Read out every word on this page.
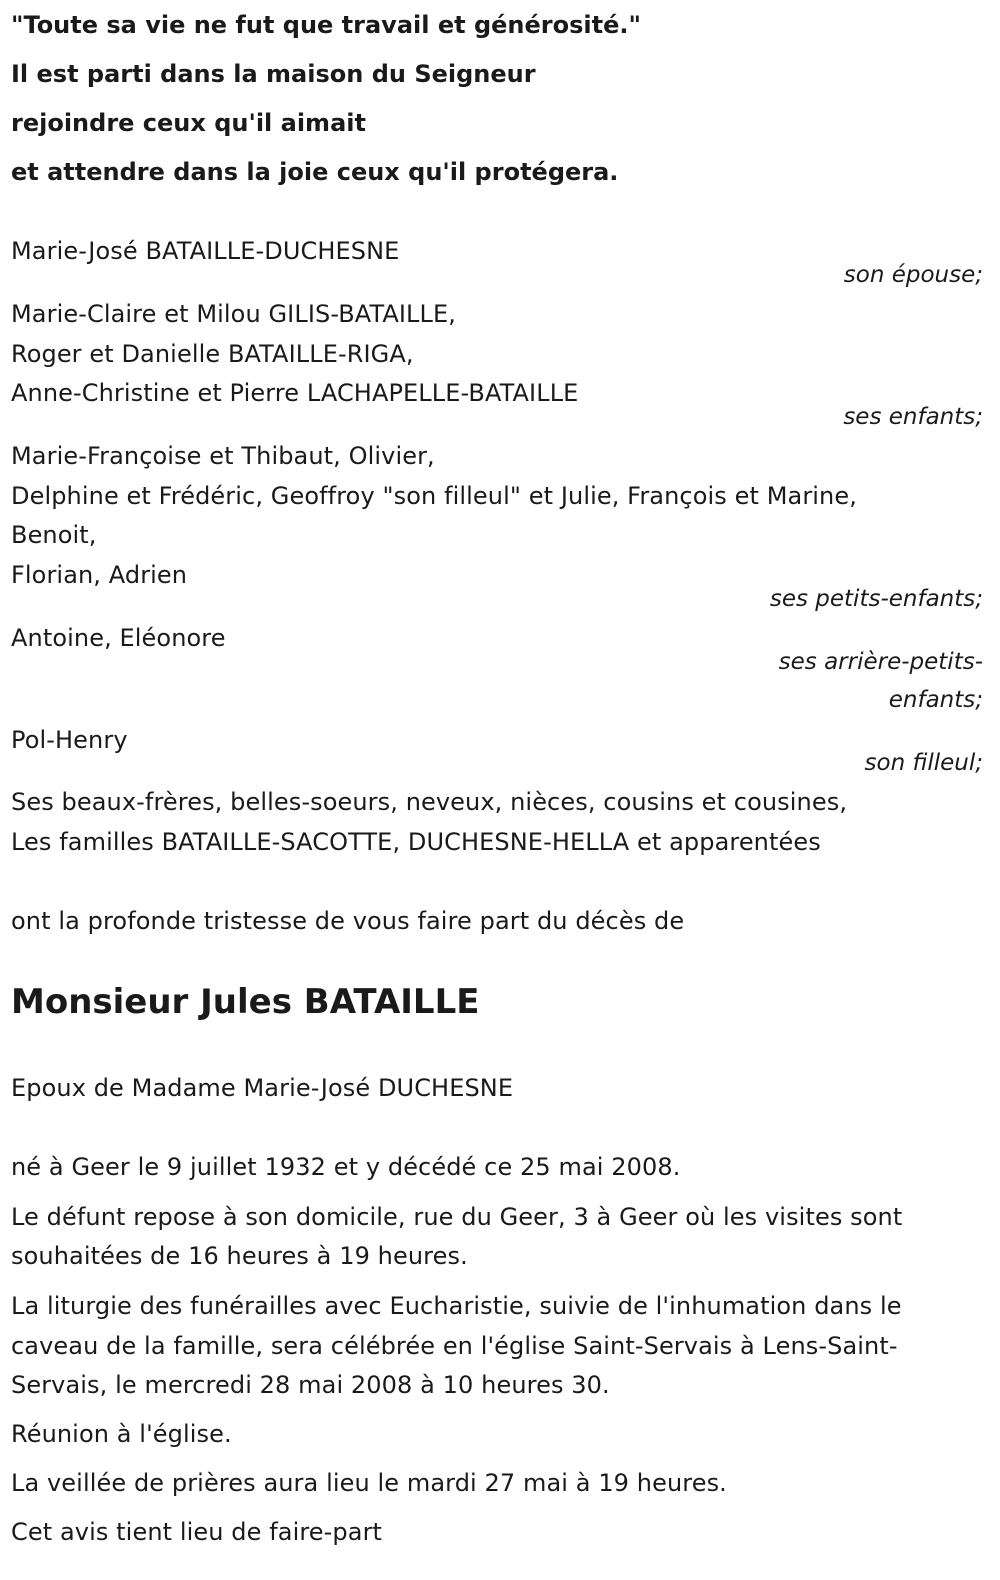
"Toute sa vie ne fut que travail et générosité."
Il est parti dans la maison du Seigneur
rejoindre ceux qu'il aimait
et attendre dans la joie ceux qu'il protégera.
Marie-José BATAILLE-DUCHESNE
son épouse;
Marie-Claire et Milou GILIS-BATAILLE,
Roger et Danielle BATAILLE-RIGA,
Anne-Christine et Pierre LACHAPELLE-BATAILLE
ses enfants;
Marie-Françoise et Thibaut, Olivier,
Delphine et Frédéric, Geoffroy "son filleul" et Julie, François et Marine,
Benoit,
Florian, Adrien
ses petits-enfants;
Antoine, Eléonore
ses arrière-petits-
enfants;
Pol-Henry
son filleul;
Ses beaux-frères, belles-soeurs, neveux, nièces, cousins et cousines,
Les familles BATAILLE-SACOTTE, DUCHESNE-HELLA et apparentées
ont la profonde tristesse de vous faire part du décès de
Monsieur Jules BATAILLE
Epoux de Madame Marie-José DUCHESNE
né à Geer le 9 juillet 1932 et y décédé ce 25 mai 2008.
Le défunt repose à son domicile, rue du Geer, 3 à Geer où les visites sont
souhaitées de 16 heures à 19 heures.
La liturgie des funérailles avec Eucharistie, suivie de l'inhumation dans le
caveau de la famille, sera célébrée en l'église Saint-Servais à Lens-Saint-
Servais, le mercredi 28 mai 2008 à 10 heures 30.
Réunion à l'église.
La veillée de prières aura lieu le mardi 27 mai à 19 heures.
Cet avis tient lieu de faire-part
